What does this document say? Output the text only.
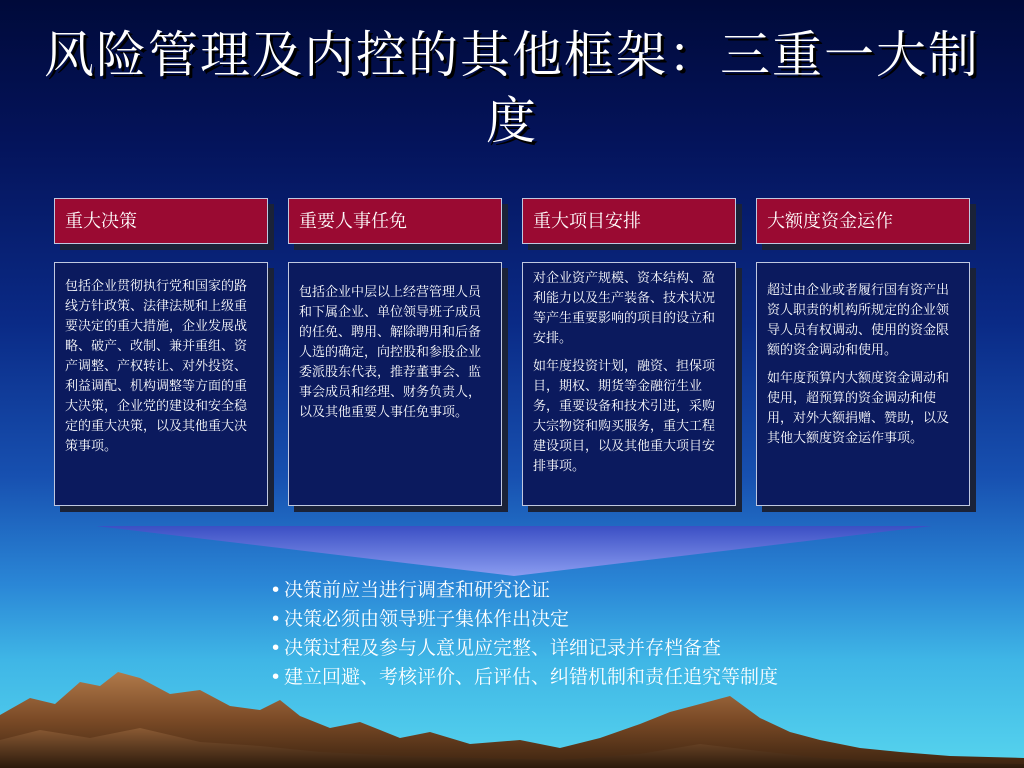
风险管理及内控的其他框架：三重一大制度
重大决策

包括企业贯彻执行党和国家的路线方针政策、法律法规和上级重要决定的重大措施，企业发展战略、破产、改制、兼并重组、资产调整、产权转让、对外投资、利益调配、机构调整等方面的重大决策，企业党的建设和安全稳定的重大决策，以及其他重大决策事项。

重要人事任免

包括企业中层以上经营管理人员和下属企业、单位领导班子成员的任免、聘用、解除聘用和后备人选的确定，向控股和参股企业委派股东代表，推荐董事会、监事会成员和经理、财务负责人，以及其他重要人事任免事项。

重大项目安排

对企业资产规模、资本结构、盈利能力以及生产装备、技术状况等产生重要影响的项目的设立和安排。

如年度投资计划，融资、担保项目，期权、期货等金融衍生业务，重要设备和技术引进，采购大宗物资和购买服务，重大工程建设项目，以及其他重大项目安排事项。

大额度资金运作

超过由企业或者履行国有资产出资人职责的机构所规定的企业领导人员有权调动、使用的资金限额的资金调动和使用。

如年度预算内大额度资金调动和使用，超预算的资金调动和使用，对外大额捐赠、赞助，以及其他大额度资金运作事项。

• 决策前应当进行调查和研究论证
• 决策必须由领导班子集体作出决定
• 决策过程及参与人意见应完整、详细记录并存档备查
• 建立回避、考核评价、后评估、纠错机制和责任追究等制度
